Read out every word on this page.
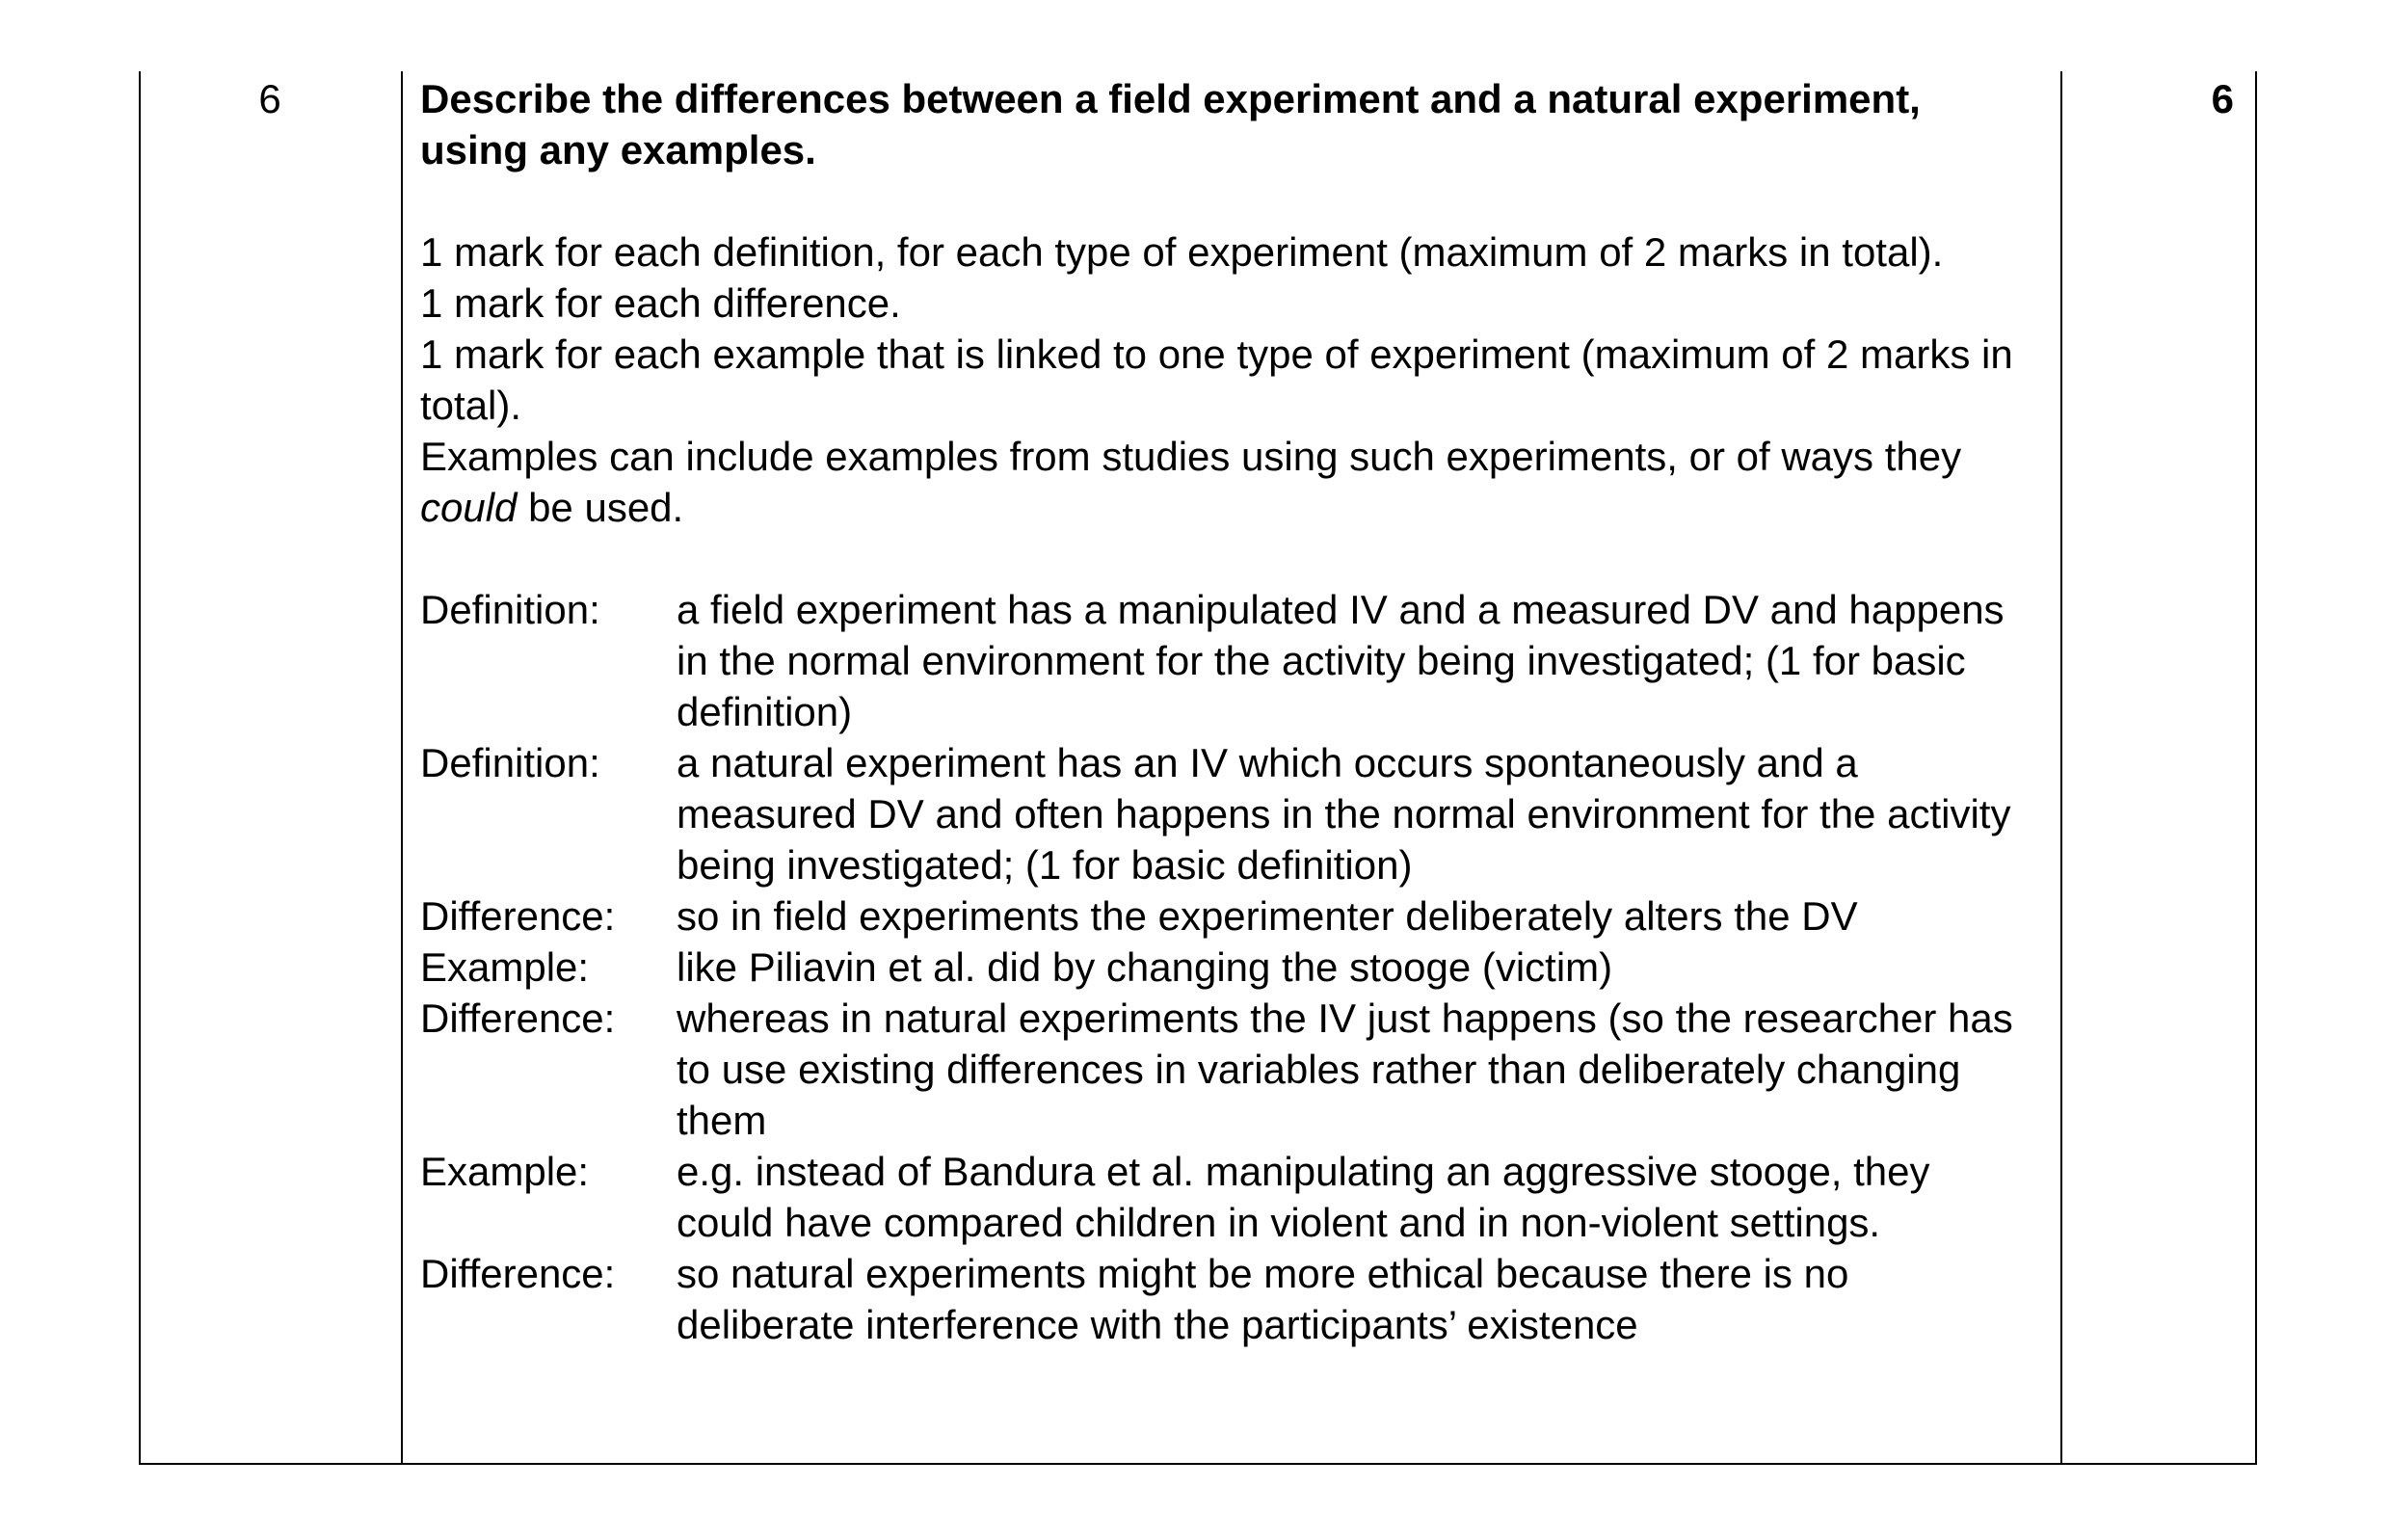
6	Describe the differences between a field experiment and a natural experiment, using any examples.

1 mark for each definition, for each type of experiment (maximum of 2 marks in total).

1 mark for each difference.

1 mark for each example that is linked to one type of experiment (maximum of 2 marks in total).

Examples can include examples from studies using such experiments, or of ways they could be used.

Definition:	a field experiment has a manipulated IV and a measured DV and happens in the normal environment for the activity being investigated; (1 for basic definition)
Definition:	a natural experiment has an IV which occurs spontaneously and a measured DV and often happens in the normal environment for the activity being investigated; (1 for basic definition)
Difference:	so in field experiments the experimenter deliberately alters the DV
Example:	like Piliavin et al. did by changing the stooge (victim)
Difference:	whereas in natural experiments the IV just happens (so the researcher has to use existing differences in variables rather than deliberately changing them
Example:	e.g. instead of Bandura et al. manipulating an aggressive stooge, they could have compared children in violent and in non-violent settings.
Difference:	so natural experiments might be more ethical because there is no deliberate interference with the participants’ existence
6
